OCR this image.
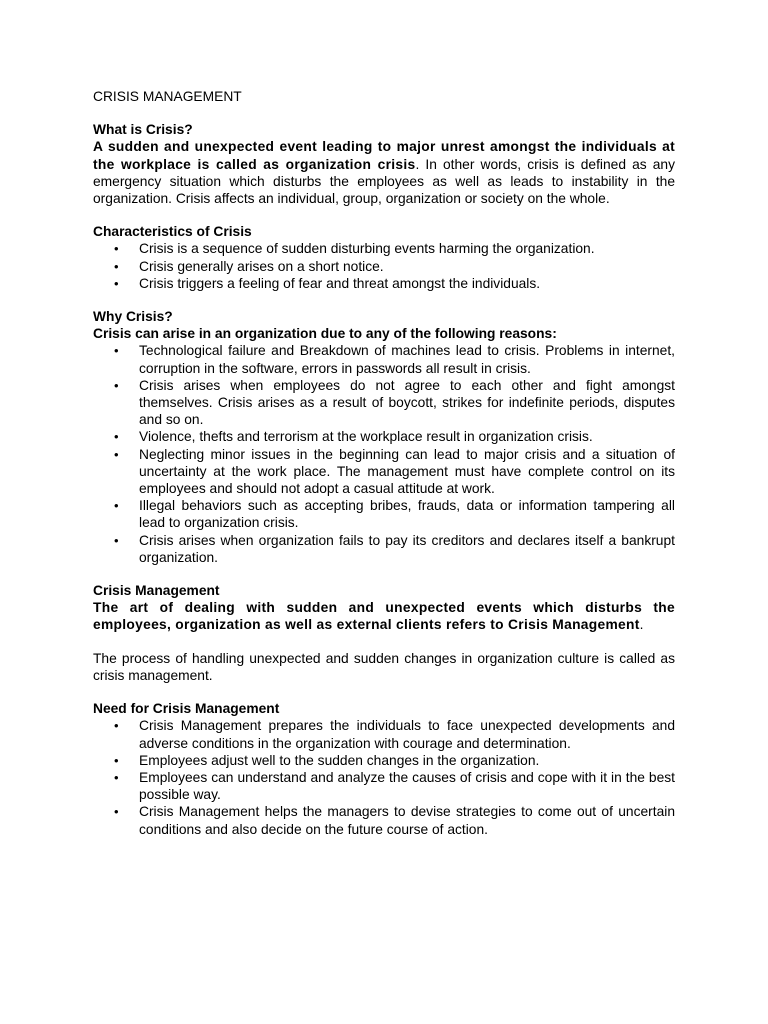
CRISIS MANAGEMENT
What is Crisis?

A sudden and unexpected event leading to major unrest amongst the individuals at the workplace is called as organization crisis. In other words, crisis is defined as any emergency situation which disturbs the employees as well as leads to instability in the organization. Crisis affects an individual, group, organization or society on the whole.

Characteristics of Crisis
• Crisis is a sequence of sudden disturbing events harming the organization.
• Crisis generally arises on a short notice.
• Crisis triggers a feeling of fear and threat amongst the individuals.
Why Crisis?
Crisis can arise in an organization due to any of the following reasons:
• Technological failure and Breakdown of machines lead to crisis. Problems in internet, corruption in the software, errors in passwords all result in crisis.
• Crisis arises when employees do not agree to each other and fight amongst themselves. Crisis arises as a result of boycott, strikes for indefinite periods, disputes and so on.
• Violence, thefts and terrorism at the workplace result in organization crisis.
• Neglecting minor issues in the beginning can lead to major crisis and a situation of uncertainty at the work place. The management must have complete control on its employees and should not adopt a casual attitude at work.
• Illegal behaviors such as accepting bribes, frauds, data or information tampering all lead to organization crisis.
• Crisis arises when organization fails to pay its creditors and declares itself a bankrupt organization.
Crisis Management

The art of dealing with sudden and unexpected events which disturbs the employees, organization as well as external clients refers to Crisis Management.

The process of handling unexpected and sudden changes in organization culture is called as crisis management.

Need for Crisis Management
• Crisis Management prepares the individuals to face unexpected developments and adverse conditions in the organization with courage and determination.
• Employees adjust well to the sudden changes in the organization.
• Employees can understand and analyze the causes of crisis and cope with it in the best possible way.
• Crisis Management helps the managers to devise strategies to come out of uncertain conditions and also decide on the future course of action.
